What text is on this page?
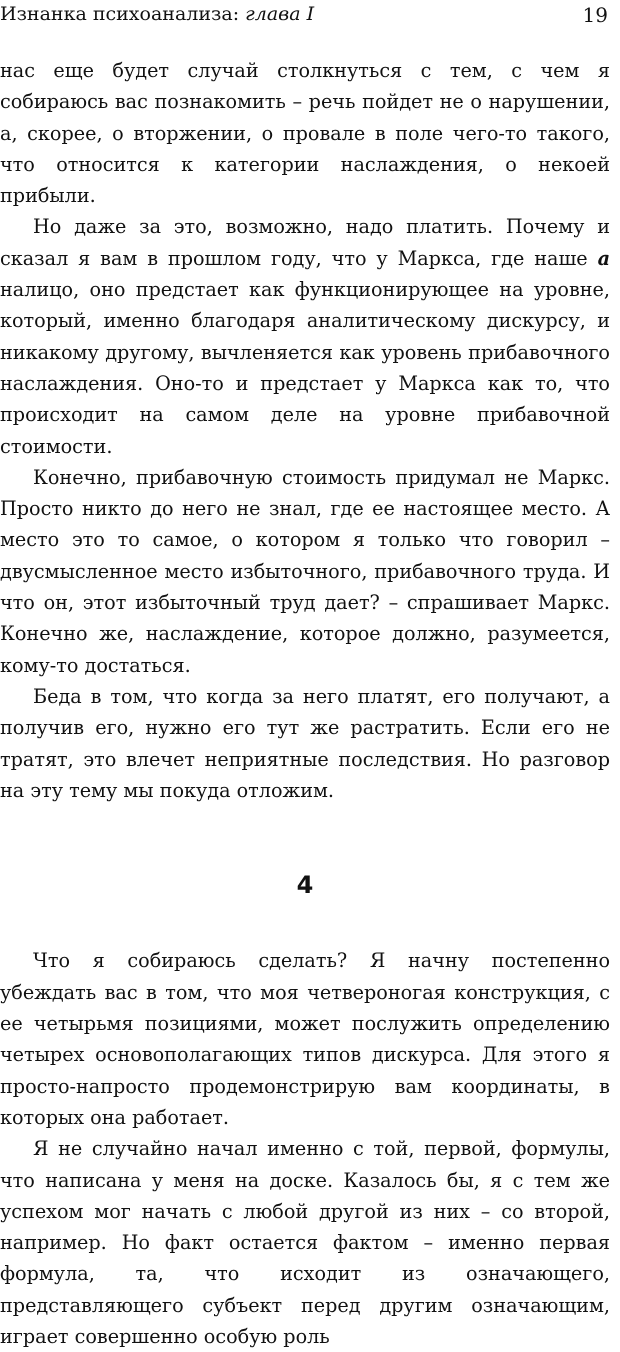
Изнанка психоанализа: глава I	19

нас еще будет случай столкнуться с тем, с чем я собираюсь вас познакомить – речь пойдет не о нарушении, а, скорее, о вторжении, о провале в поле чего-то такого, что относится к категории наслаждения, о некоей прибыли.

Но даже за это, возможно, надо платить. Почему и сказал я вам в прошлом году, что у Маркса, где наше а налицо, оно предстает как функционирующее на уровне, который, именно благодаря аналитическому дискурсу, и никакому другому, вычленяется как уровень прибавочного наслаждения. Оно-то и предстает у Маркса как то, что происходит на самом деле на уровне прибавочной стоимости.

Конечно, прибавочную стоимость придумал не Маркс. Просто никто до него не знал, где ее настоящее место. А место это то самое, о котором я только что говорил – двусмысленное место избыточного, прибавочного труда. И что он, этот избыточный труд дает? – спрашивает Маркс. Конечно же, наслаждение, которое должно, разумеется, кому-то достаться.

Беда в том, что когда за него платят, его получают, а получив его, нужно его тут же растратить. Если его не тратят, это влечет неприятные последствия. Но разговор на эту тему мы покуда отложим.

4

Что я собираюсь сделать? Я начну постепенно убеждать вас в том, что моя четвероногая конструкция, с ее четырьмя позициями, может послужить определению четырех основополагающих типов дискурса. Для этого я просто-напросто продемонстрирую вам координаты, в которых она работает.

Я не случайно начал именно с той, первой, формулы, что написана у меня на доске. Казалось бы, я с тем же успехом мог начать с любой другой из них – со второй, например. Но факт остается фактом – именно первая формула, та, что исходит из означающего, представляющего субъект перед другим означающим, играет совершенно особую роль
